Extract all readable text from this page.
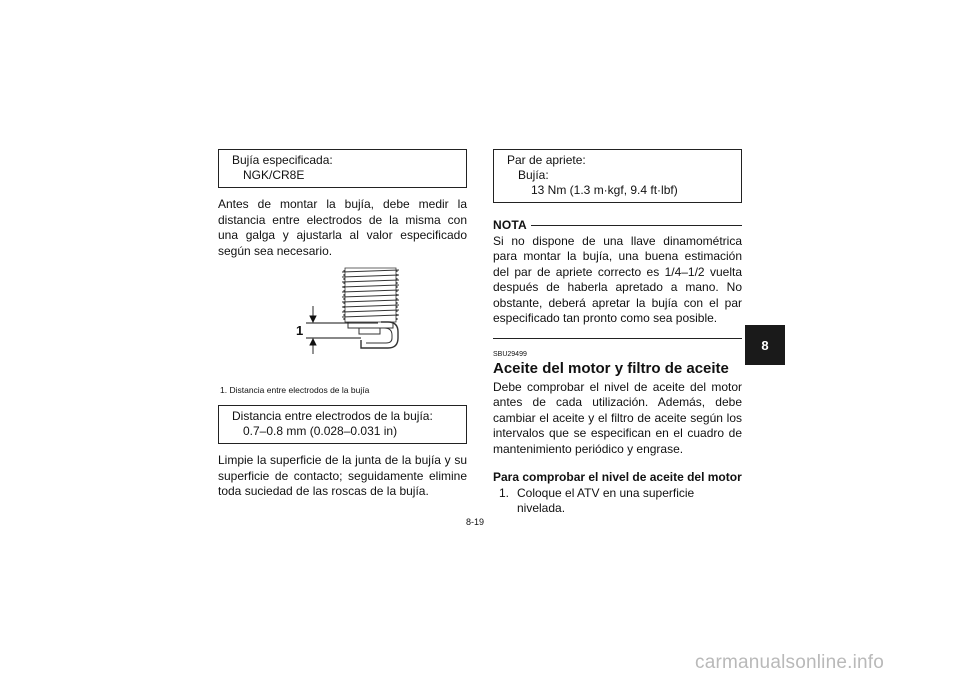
Bujía especificada:
NGK/CR8E

Antes de montar la bujía, debe medir la distancia entre electrodos de la misma con una galga y ajustarla al valor especificado según sea necesario.

1
1. Distancia entre electrodos de la bujía
Distancia entre electrodos de la bujía:
0.7–0.8 mm (0.028–0.031 in)

Limpie la superficie de la junta de la bujía y su superficie de contacto; seguidamente elimine toda suciedad de las roscas de la bujía.

Par de apriete:
Bujía:
13 Nm (1.3 m·kgf, 9.4 ft·lbf)
NOTA

Si no dispone de una llave dinamométrica para montar la bujía, una buena estimación del par de apriete correcto es 1/4–1/2 vuelta después de haberla apretado a mano. No obstante, deberá apretar la bujía con el par especificado tan pronto como sea posible.

SBU29499
Aceite del motor y filtro de aceite

Debe comprobar el nivel de aceite del motor antes de cada utilización. Además, debe cambiar el aceite y el filtro de aceite según los intervalos que se especifican en el cuadro de mantenimiento periódico y engrase.

Para comprobar el nivel de aceite del motor
1. Coloque el ATV en una superficie nivelada.
8
8-19
carmanualsonline.info
